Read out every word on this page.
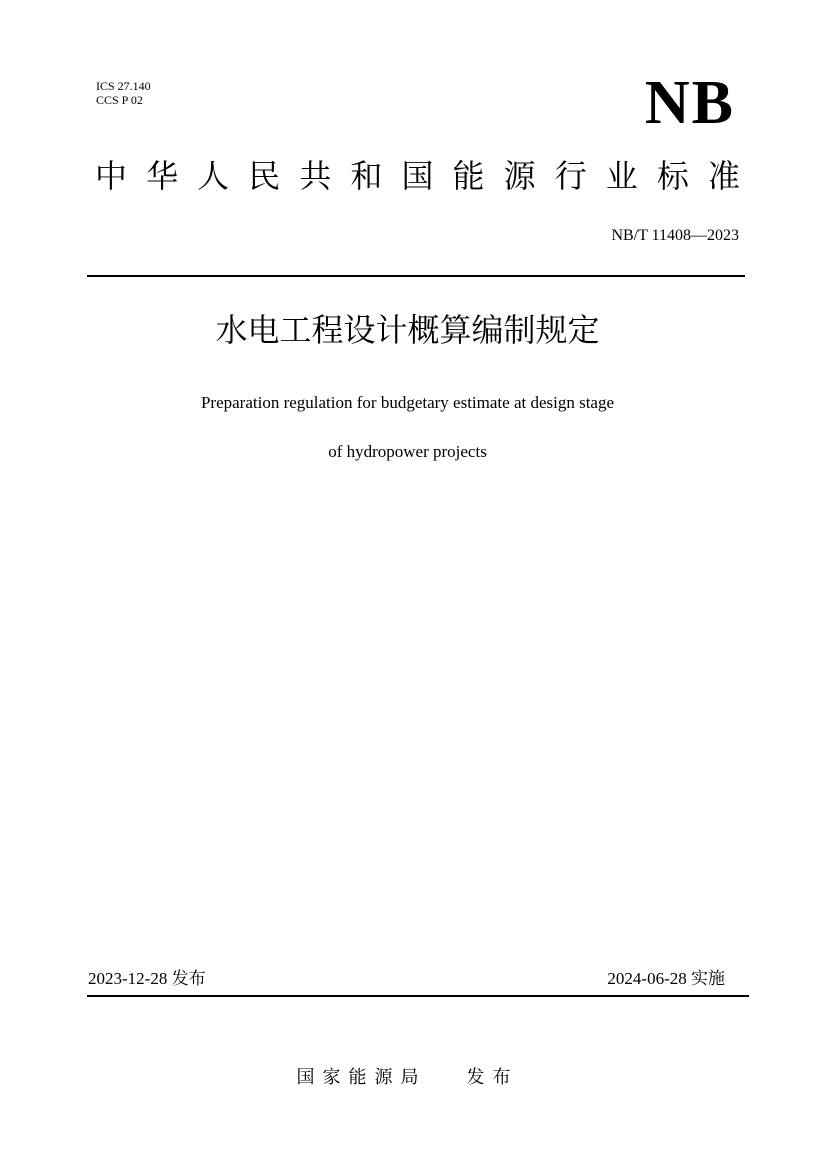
ICS 27.140
CCS P 02	NB
中 华 人 民 共 和 国 能 源 行 业 标 准
NB/T 11408—2023
水电工程设计概算编制规定
Preparation regulation for budgetary estimate at design stage
of hydropower projects
2023-12-28 发布	2024-06-28 实施
国家能源局 发布
